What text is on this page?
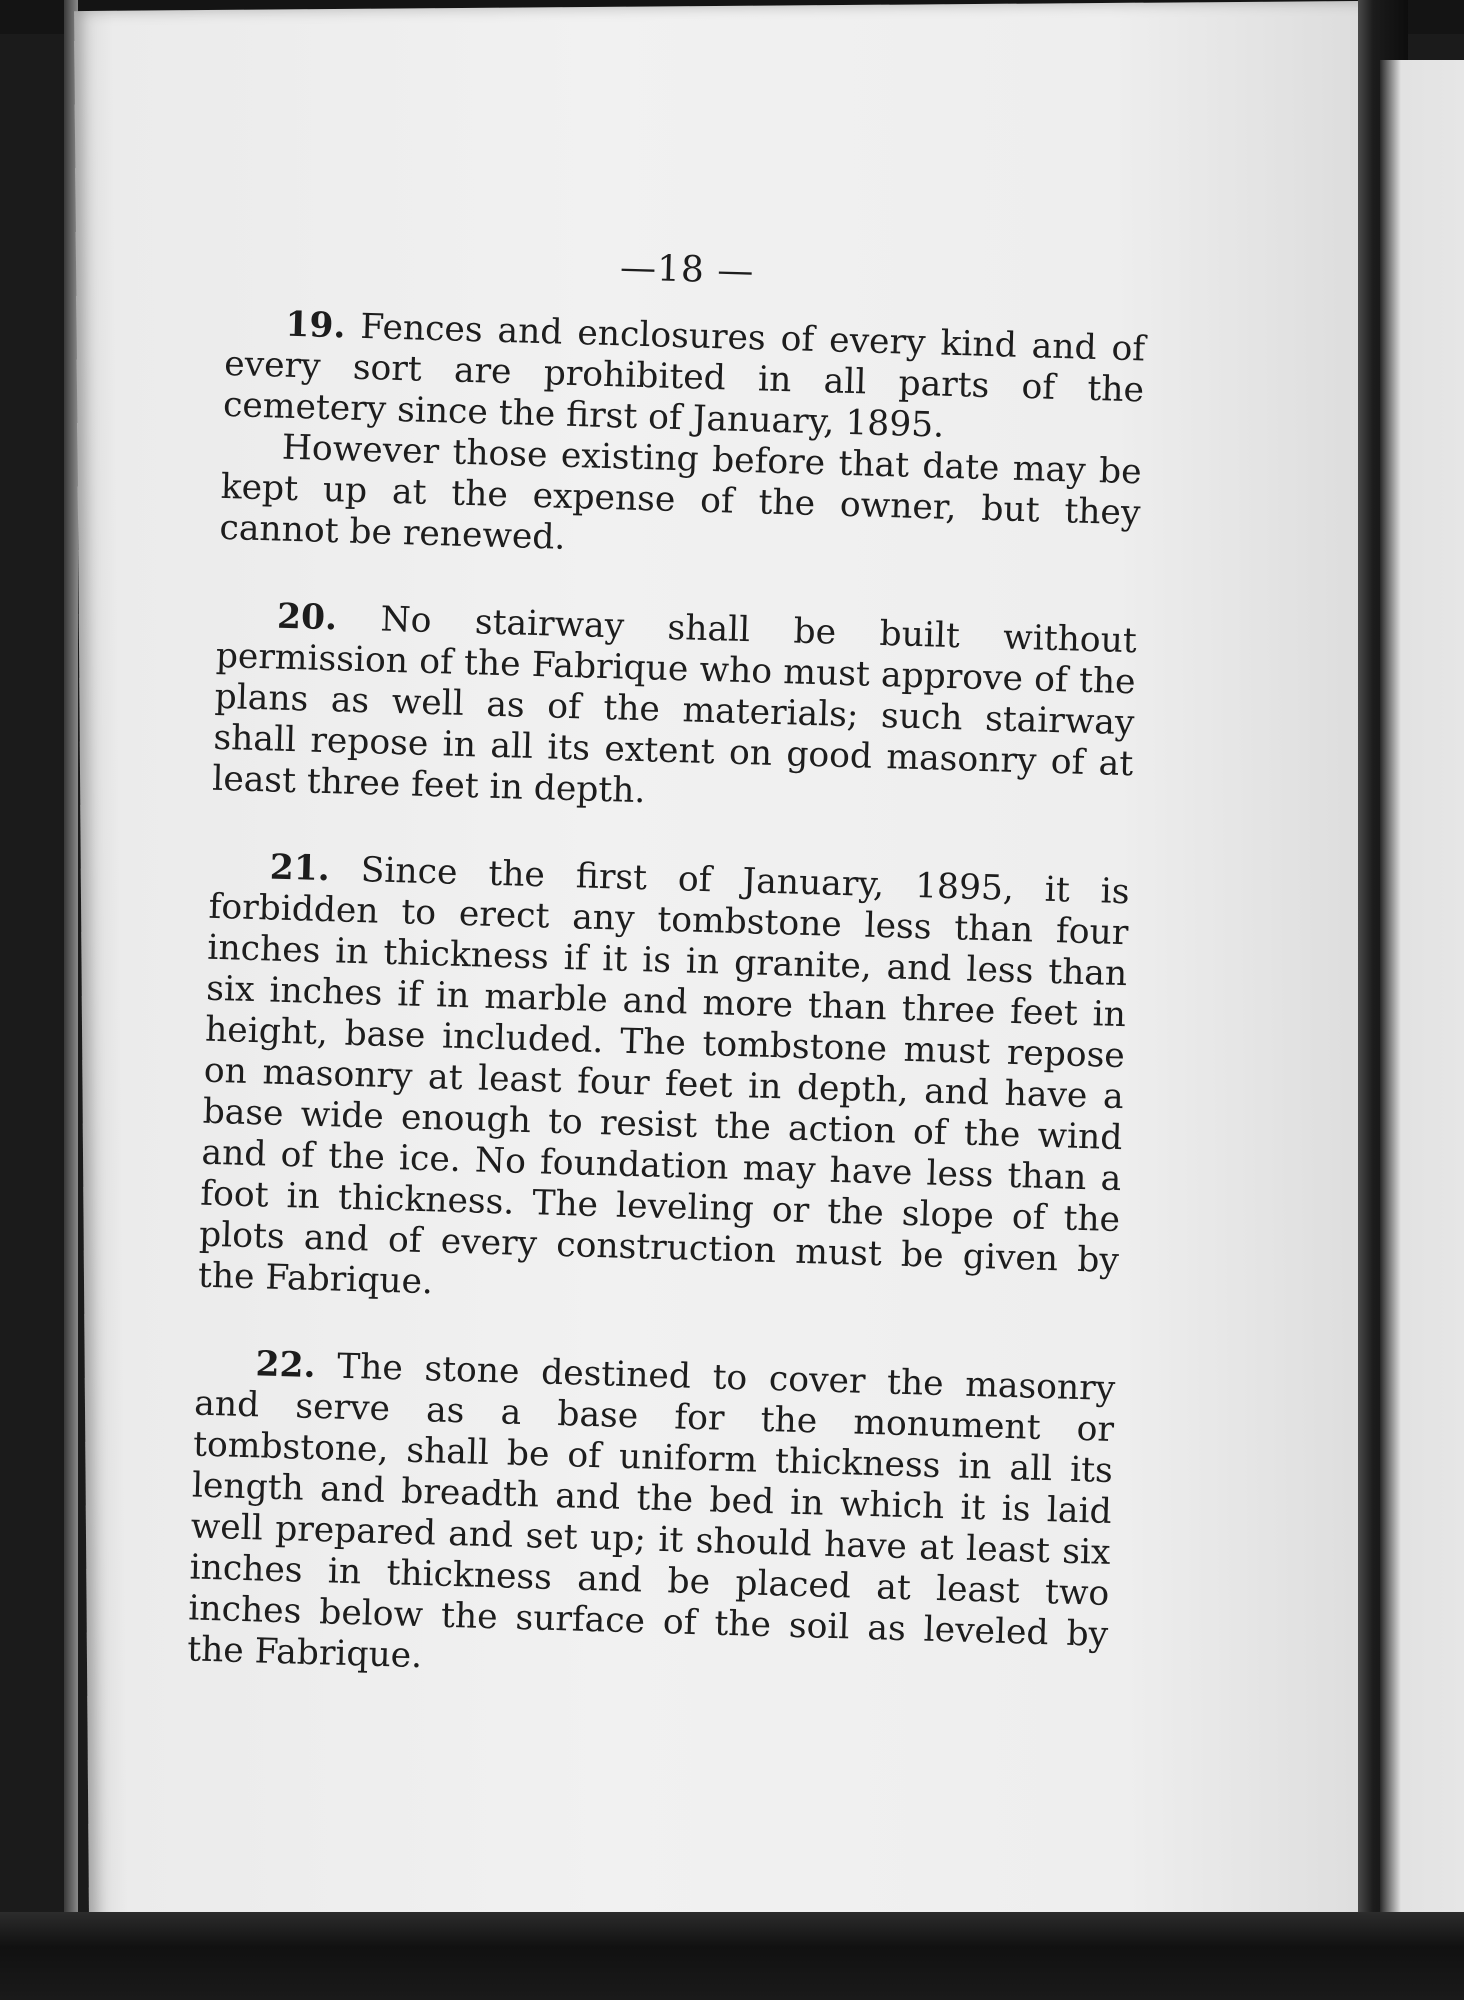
—18 —

19. Fences and enclosures of every kind and of every sort are prohibited in all parts of the cemetery since the first of January, 1895.

However those existing before that date may be kept up at the expense of the owner, but they cannot be renewed.

20. No stairway shall be built without permission of the Fabrique who must approve of the plans as well as of the materials; such stairway shall repose in all its extent on good masonry of at least three feet in depth.

21. Since the first of January, 1895, it is forbidden to erect any tombstone less than four inches in thickness if it is in granite, and less than six inches if in marble and more than three feet in height, base included. The tombstone must repose on masonry at least four feet in depth, and have a base wide enough to resist the action of the wind and of the ice. No foundation may have less than a foot in thickness. The leveling or the slope of the plots and of every construction must be given by the Fabrique.

22. The stone destined to cover the masonry and serve as a base for the monument or tombstone, shall be of uniform thickness in all its length and breadth and the bed in which it is laid well prepared and set up; it should have at least six inches in thickness and be placed at least two inches below the surface of the soil as leveled by the Fabrique.
